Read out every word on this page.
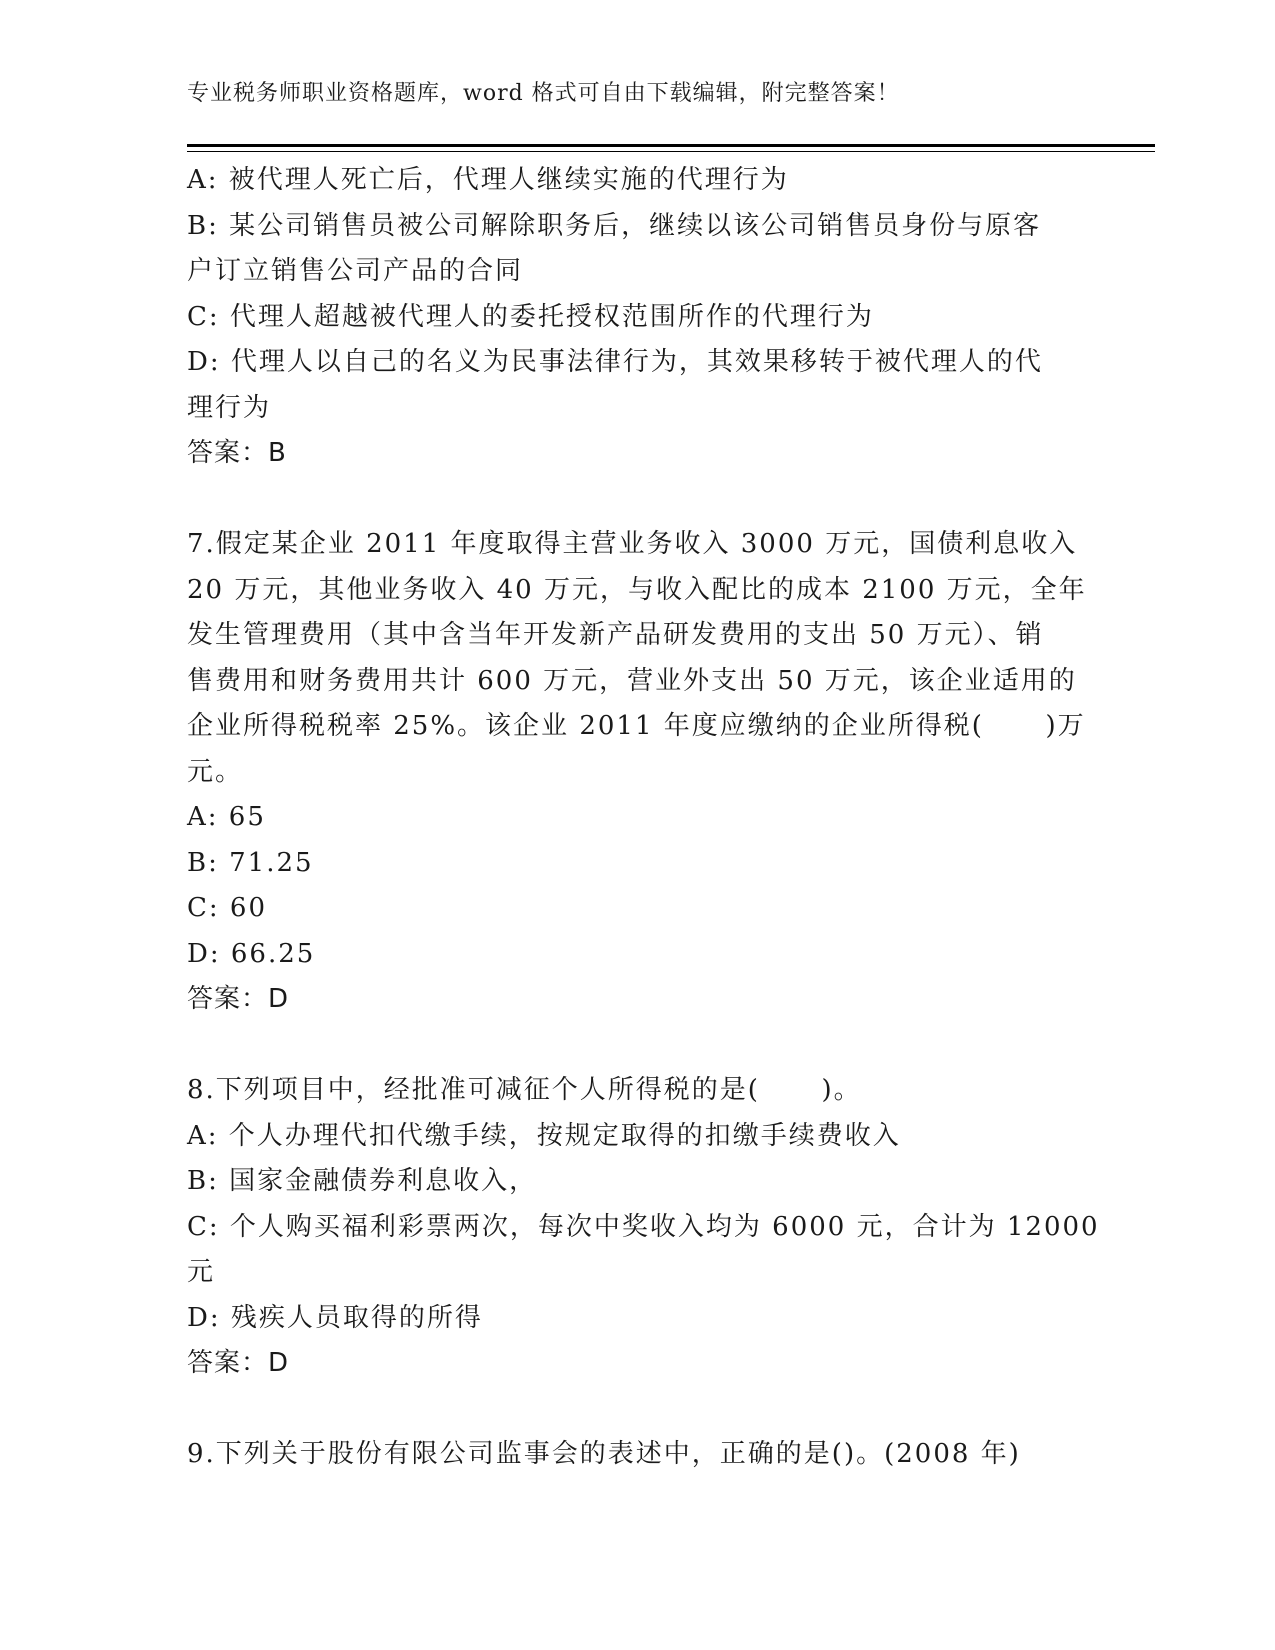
专业税务师职业资格题库，word 格式可自由下载编辑，附完整答案！
A: 被代理人死亡后，代理人继续实施的代理行为
B: 某公司销售员被公司解除职务后，继续以该公司销售员身份与原客
户订立销售公司产品的合同
C: 代理人超越被代理人的委托授权范围所作的代理行为
D: 代理人以自己的名义为民事法律行为，其效果移转于被代理人的代
理行为
答案：B
7.假定某企业 2011 年度取得主营业务收入 3000 万元，国债利息收入
20 万元，其他业务收入 40 万元，与收入配比的成本 2100 万元，全年
发生管理费用（其中含当年开发新产品研发费用的支出 50 万元）、销
售费用和财务费用共计 600 万元，营业外支出 50 万元，该企业适用的
企业所得税税率 25%。该企业 2011 年度应缴纳的企业所得税(      )万
元。
A: 65
B: 71.25
C: 60
D: 66.25
答案：D
8.下列项目中，经批准可减征个人所得税的是(      )。
A: 个人办理代扣代缴手续，按规定取得的扣缴手续费收入
B: 国家金融债券利息收入，
C: 个人购买福利彩票两次，每次中奖收入均为 6000 元，合计为 12000
元
D: 残疾人员取得的所得
答案：D
9.下列关于股份有限公司监事会的表述中，正确的是()。(2008 年)
